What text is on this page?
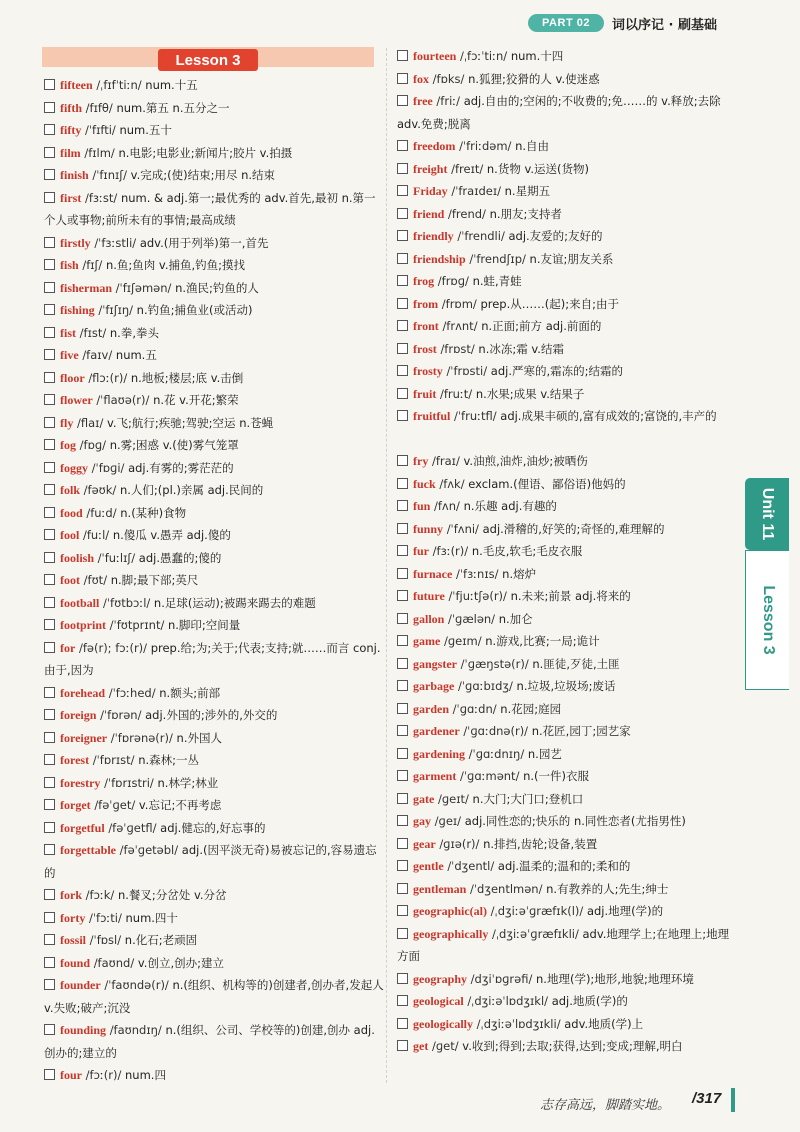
PART 02	词以序记 · 刷基础
Lesson 3
fifteen /ˌfɪfˈtiːn/ num.十五
fifth /fɪfθ/ num.第五 n.五分之一
fifty /ˈfɪfti/ num.五十
film /fɪlm/ n.电影;电影业;新闻片;胶片 v.拍摄
finish /ˈfɪnɪʃ/ v.完成;(使)结束;用尽 n.结束
first /fɜːst/ num. & adj.第一;最优秀的 adv.首先,最初 n.第一个人或事物;前所未有的事情;最高成绩
firstly /ˈfɜːstli/ adv.(用于列举)第一,首先
fish /fɪʃ/ n.鱼;鱼肉 v.捕鱼,钓鱼;摸找
fisherman /ˈfɪʃəmən/ n.渔民;钓鱼的人
fishing /ˈfɪʃɪŋ/ n.钓鱼;捕鱼业(或活动)
fist /fɪst/ n.拳,拳头
five /faɪv/ num.五
floor /flɔː(r)/ n.地板;楼层;底 v.击倒
flower /ˈflaʊə(r)/ n.花 v.开花;繁荣
fly /flaɪ/ v.飞;航行;疾驰;驾驶;空运 n.苍蝇
fog /fɒɡ/ n.雾;困惑 v.(使)雾气笼罩
foggy /ˈfɒɡi/ adj.有雾的;雾茫茫的
folk /fəʊk/ n.人们;(pl.)亲属 adj.民间的
food /fuːd/ n.(某种)食物
fool /fuːl/ n.傻瓜 v.愚弄 adj.傻的
foolish /ˈfuːlɪʃ/ adj.愚蠢的;傻的
foot /fʊt/ n.脚;最下部;英尺
football /ˈfʊtbɔːl/ n.足球(运动);被踢来踢去的难题
footprint /ˈfʊtprɪnt/ n.脚印;空间量
for /fə(r); fɔː(r)/ prep.给;为;关于;代表;支持;就……而言 conj.由于,因为
forehead /ˈfɔːhed/ n.额头;前部
foreign /ˈfɒrən/ adj.外国的;涉外的,外交的
foreigner /ˈfɒrənə(r)/ n.外国人
forest /ˈfɒrɪst/ n.森林;一丛
forestry /ˈfɒrɪstri/ n.林学;林业
forget /fəˈɡet/ v.忘记;不再考虑
forgetful /fəˈɡetfl/ adj.健忘的,好忘事的
forgettable /fəˈɡetəbl/ adj.(因平淡无奇)易被忘记的,容易遗忘的
fork /fɔːk/ n.餐叉;分岔处 v.分岔
forty /ˈfɔːti/ num.四十
fossil /ˈfɒsl/ n.化石;老顽固
found /faʊnd/ v.创立,创办;建立
founder /ˈfaʊndə(r)/ n.(组织、机构等的)创建者,创办者,发起人 v.失败;破产;沉没
founding /faʊndɪŋ/ n.(组织、公司、学校等的)创建,创办 adj.创办的;建立的
four /fɔː(r)/ num.四
fourteen /ˌfɔːˈtiːn/ num.十四
fox /fɒks/ n.狐狸;狡猾的人 v.使迷惑
free /friː/ adj.自由的;空闲的;不收费的;免……的 v.释放;去除 adv.免费;脱离
freedom /ˈfriːdəm/ n.自由
freight /freɪt/ n.货物 v.运送(货物)
Friday /ˈfraɪdeɪ/ n.星期五
friend /frend/ n.朋友;支持者
friendly /ˈfrendli/ adj.友爱的;友好的
friendship /ˈfrendʃɪp/ n.友谊;朋友关系
frog /frɒɡ/ n.蛙,青蛙
from /frɒm/ prep.从……(起);来自;由于
front /frʌnt/ n.正面;前方 adj.前面的
frost /frɒst/ n.冰冻;霜 v.结霜
frosty /ˈfrɒsti/ adj.严寒的,霜冻的;结霜的
fruit /fruːt/ n.水果;成果 v.结果子
fruitful /ˈfruːtfl/ adj.成果丰硕的,富有成效的;富饶的,丰产的
fry /fraɪ/ v.油煎,油炸,油炒;被晒伤
fuck /fʌk/ exclam.(俚语、鄙俗语)他妈的
fun /fʌn/ n.乐趣 adj.有趣的
funny /ˈfʌni/ adj.滑稽的,好笑的;奇怪的,难理解的
fur /fɜː(r)/ n.毛皮,软毛;毛皮衣服
furnace /ˈfɜːnɪs/ n.熔炉
future /ˈfjuːtʃə(r)/ n.未来;前景 adj.将来的
gallon /ˈɡælən/ n.加仑
game /ɡeɪm/ n.游戏,比赛;一局;诡计
gangster /ˈɡæŋstə(r)/ n.匪徒,歹徒,土匪
garbage /ˈɡɑːbɪdʒ/ n.垃圾,垃圾场;废话
garden /ˈɡɑːdn/ n.花园;庭园
gardener /ˈɡɑːdnə(r)/ n.花匠,园丁;园艺家
gardening /ˈɡɑːdnɪŋ/ n.园艺
garment /ˈɡɑːmənt/ n.(一件)衣服
gate /ɡeɪt/ n.大门;大门口;登机口
gay /ɡeɪ/ adj.同性恋的;快乐的 n.同性恋者(尤指男性)
gear /ɡɪə(r)/ n.排挡,齿轮;设备,装置
gentle /ˈdʒentl/ adj.温柔的;温和的;柔和的
gentleman /ˈdʒentlmən/ n.有教养的人;先生;绅士
geographic(al) /ˌdʒiːəˈɡræfɪk(l)/ adj.地理(学)的
geographically /ˌdʒiːəˈɡræfɪkli/ adv.地理学上;在地理上;地理方面
geography /dʒiˈɒɡrəfi/ n.地理(学);地形,地貌;地理环境
geological /ˌdʒiːəˈlɒdʒɪkl/ adj.地质(学)的
geologically /ˌdʒiːəˈlɒdʒɪkli/ adv.地质(学)上
get /ɡet/ v.收到;得到;去取;获得,达到;变成;理解,明白
Unit 11
Lesson 3
志存高远，脚踏实地。 /317
